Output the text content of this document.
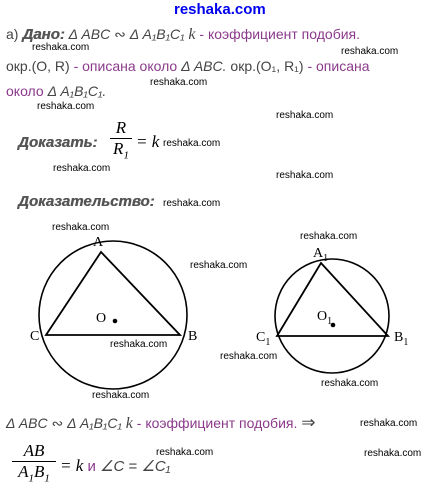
reshaka.com
а) Дано: Δ ABC ∾ Δ A₁B₁C₁ k - коэффициент подобия.
reshaka.com	reshaka.com
окр.(O, R) - описана около Δ ABC. окр.(O₁, R₁) - описана
reshaka.com
около Δ A₁B₁C₁.
reshaka.com
reshaka.com
Доказать:
R
$R_1$
= k reshaka.com
reshaka.com
reshaka.com
Доказательство: reshaka.com
reshaka.com
reshaka.com
reshaka.com
A
C	B
O
$A_1$
$C_1$	$B_1$
$O_1$
reshaka.com
reshaka.com
reshaka.com
reshaka.com
Δ ABC ∾ Δ A₁B₁C₁ k - коэффициент подобия. ⇒	reshaka.com
reshaka.com	reshaka.com
AB
$A_1B_1$
= k и ∠C = ∠C₁
